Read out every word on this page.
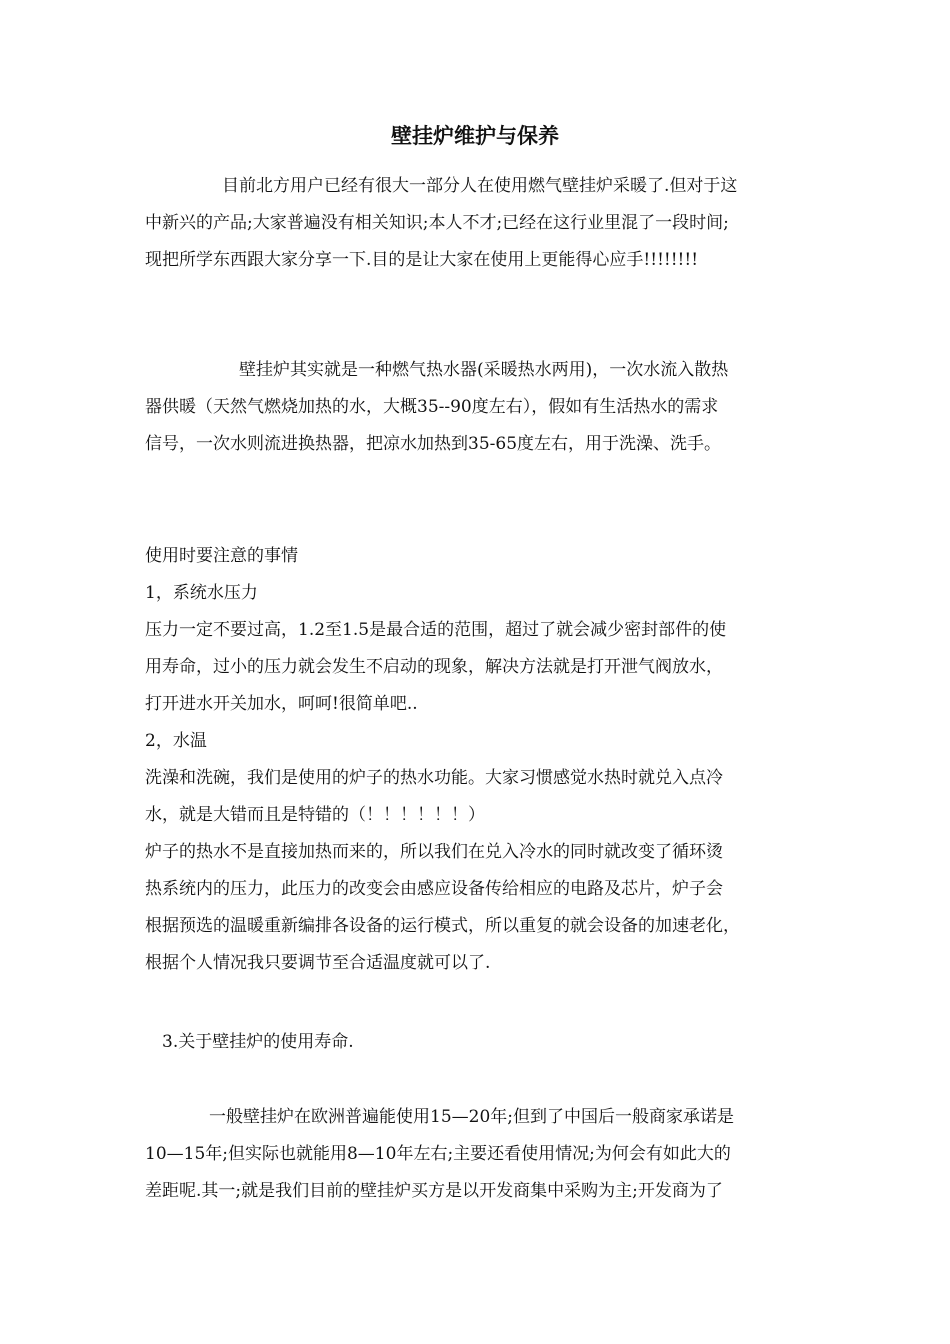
壁挂炉维护与保养
目前北方用户已经有很大一部分人在使用燃气壁挂炉采暖了.但对于这
中新兴的产品;大家普遍没有相关知识;本人不才;已经在这行业里混了一段时间;
现把所学东西跟大家分享一下.目的是让大家在使用上更能得心应手!!!!!!!!
壁挂炉其实就是一种燃气热水器(采暖热水两用)，一次水流入散热
器供暖（天然气燃烧加热的水，大概35--90度左右），假如有生活热水的需求
信号，一次水则流进换热器，把凉水加热到35-65度左右，用于洗澡、洗手。
使用时要注意的事情
1，系统水压力
压力一定不要过高，1.2至1.5是最合适的范围，超过了就会减少密封部件的使
用寿命，过小的压力就会发生不启动的现象，解决方法就是打开泄气阀放水，
打开进水开关加水，呵呵!很简单吧..
2，水温
洗澡和洗碗，我们是使用的炉子的热水功能。大家习惯感觉水热时就兑入点冷
水，就是大错而且是特错的（！！！！！！）
炉子的热水不是直接加热而来的，所以我们在兑入冷水的同时就改变了循环烫
热系统内的压力，此压力的改变会由感应设备传给相应的电路及芯片，炉子会
根据预选的温暖重新编排各设备的运行模式，所以重复的就会设备的加速老化，
根据个人情况我只要调节至合适温度就可以了.
3.关于壁挂炉的使用寿命.
一般壁挂炉在欧洲普遍能使用15—20年;但到了中国后一般商家承诺是
10—15年;但实际也就能用8—10年左右;主要还看使用情况;为何会有如此大的
差距呢.其一;就是我们目前的壁挂炉买方是以开发商集中采购为主;开发商为了
